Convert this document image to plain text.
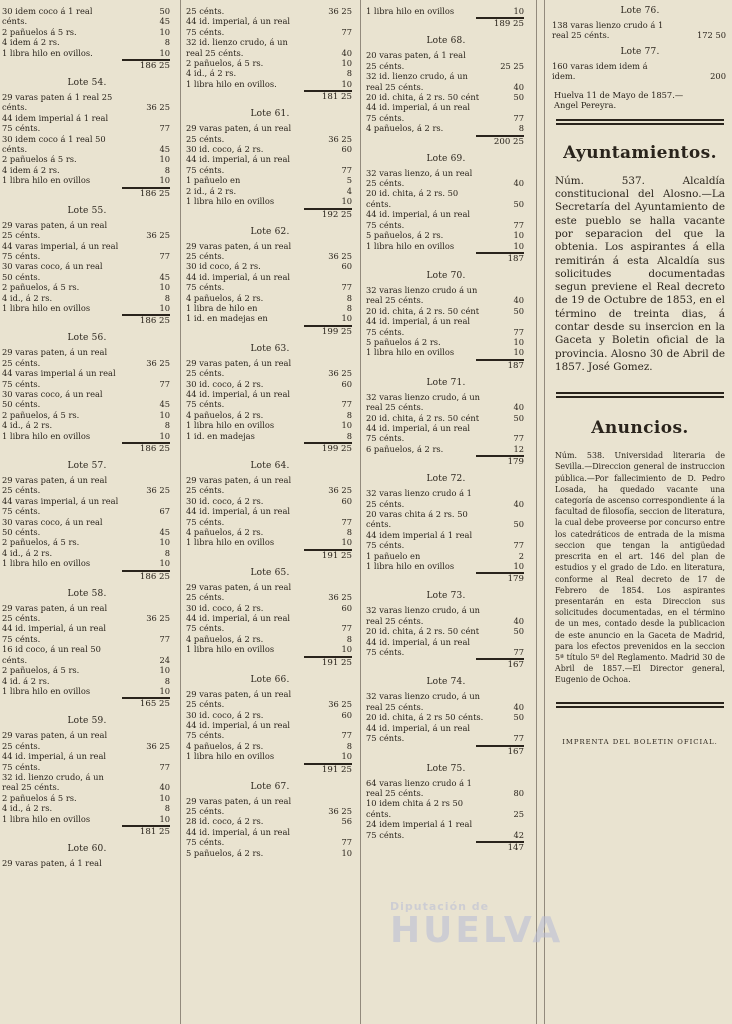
30 idem coco á 1 real	50
cénts.	45
2 pañuelos á 5 rs.	10
4 idem á 2 rs.	8
1 libra hilo en ovillos.	10
186 25
Lote 54.
29 varas paten á 1 real 25
cénts.	36 25
44 idem imperial á 1 real
75 cénts.	77
30 idem coco á 1 real 50
cénts.	45
2 pañuelos á 5 rs.	10
4 idem á 2 rs.	8
1 libra hilo en ovillos	10
186 25
Lote 55.
29 varas paten, á un real
25 cénts.	36 25
44 varas imperial, á un real
75 cénts.	77
30 varas coco, á un real
50 cénts.	45
2 pañuelos, á 5 rs.	10
4 id., á 2 rs.	8
1 libra hilo en ovillos	10
186 25
Lote 56.
29 varas paten, á un real
25 cénts.	36 25
44 varas imperial á un real
75 cénts.	77
30 varas coco, á un real
50 cénts.	45
2 pañuelos, á 5 rs.	10
4 id., á 2 rs.	8
1 libra hilo en ovillos	10
186 25
Lote 57.
29 varas paten, á un real
25 cénts.	36 25
44 varas imperial, á un real
75 cénts.	67
30 varas coco, á un real
50 cénts.	45
2 pañuelos, á 5 rs.	10
4 id., á 2 rs.	8
1 libra hilo en ovillos	10
186 25
Lote 58.
29 varas paten, á un real
25 cénts.	36 25
44 id. imperial, á un real
75 cénts.	77
16 id coco, á un real 50
cénts.	24
2 pañuelos, á 5 rs.	10
4 id. á 2 rs.	8
1 libra hilo en ovillos	10
165 25
Lote 59.
29 varas paten, á un real
25 cénts.	36 25
44 id. imperial, á un real
75 cénts.	77
32 id. lienzo crudo, á un
real 25 cénts.	40
2 pañuelos á 5 rs.	10
4 id., á 2 rs.	8
1 libra hilo en ovillos	10
181 25
Lote 60.
29 varas paten, á 1 real
25 cénts.	36 25
44 id. imperial, á un real
75 cénts.	77
32 id. lienzo crudo, á un
real 25 cénts.	40
2 pañuelos, á 5 rs.	10
4 id., á 2 rs.	8
1 libra hilo en ovillos.	10
181 25
Lote 61.
29 varas paten, á un real
25 cénts.	36 25
30 id. coco, á 2 rs.	60
44 id. imperial, á un real
75 cénts.	77
1 pañuelo en	5
2 id., á 2 rs.	4
1 libra hilo en ovillos	10
192 25
Lote 62.
29 varas paten, á un real
25 cénts.	36 25
30 id coco, á 2 rs.	60
44 id. imperial, á un real
75 cénts.	77
4 pañuelos, á 2 rs.	8
1 libra de hilo en	8
1 id. en madejas en	10
199 25
Lote 63.
29 varas paten, á un real
25 cénts.	36 25
30 id. coco, á 2 rs.	60
44 id. imperial, á un real
75 cénts.	77
4 pañuelos, á 2 rs.	8
1 libra hilo en ovillos	10
1 id. en madejas	8
199 25
Lote 64.
29 varas paten, á un real
25 cénts.	36 25
30 id. coco, á 2 rs.	60
44 id. imperial, á un real
75 cénts.	77
4 pañuelos, á 2 rs.	8
1 libra hilo en ovillos	10
191 25
Lote 65.
29 varas paten, á un real
25 cénts.	36 25
30 id. coco, á 2 rs.	60
44 id. imperial, á un real
75 cénts.	77
4 pañuelos, á 2 rs.	8
1 libra hilo en ovillos	10
191 25
Lote 66.
29 varas paten, á un real
25 cénts.	36 25
30 id. coco, á 2 rs.	60
44 id. imperial, á un real
75 cénts.	77
4 pañuelos, á 2 rs.	8
1 libra hilo en ovillos	10
191 25
Lote 67.
29 varas paten, á un real
25 cénts.	36 25
28 id. coco, á 2 rs.	56
44 id. imperial, á un real
75 cénts.	77
5 pañuelos, á 2 rs.	10
1 libra hilo en ovillos	10
189 25
Lote 68.
20 varas paten, á 1 real
25 cénts.	25 25
32 id. lienzo crudo, á un
real 25 cénts.	40
20 id. chita, á 2 rs. 50 cént	50
44 id. imperial, á un real
75 cénts.	77
4 pañuelos, á 2 rs.	8
200 25
Lote 69.
32 varas lienzo, á un real
25 cénts.	40
20 id. chita, á 2 rs. 50
cénts.	50
44 id. imperial, á un real
75 cénts.	77
5 pañuelos, á 2 rs.	10
1 libra hilo en ovillos	10
187
Lote 70.
32 varas lienzo crudo á un
real 25 cénts.	40
20 id. chita, á 2 rs. 50 cént	50
44 id. imperial, á un real
75 cénts.	77
5 pañuelos á 2 rs.	10
1 libra hilo en ovillos	10
187
Lote 71.
32 varas lienzo crudo, á un
real 25 cénts.	40
20 id. chita, á 2 rs. 50 cént	50
44 id. imperial, á un real
75 cénts.	77
6 pañuelos, á 2 rs.	12
179
Lote 72.
32 varas lienzo crudo á 1
25 cénts.	40
20 varas chita á 2 rs. 50
cénts.	50
44 idem imperial á 1 real
75 cénts.	77
1 pañuelo en	2
1 libra hilo en ovillos	10
179
Lote 73.
32 varas lienzo crudo, á un
real 25 cénts.	40
20 id. chita, á 2 rs. 50 cént	50
44 id. imperial, á un real
75 cénts.	77
167
Lote 74.
32 varas lienzo crudo, á un
real 25 cénts.	40
20 id. chita, á 2 rs 50 cénts.	50
44 id. imperial, á un real
75 cénts.	77
167
Lote 75.
64 varas lienzo crudo á 1
real 25 cénts.	80
10 idem chita á 2 rs 50
cénts.	25
24 idem imperial á 1 real
75 cénts.	42
147
Lote 76.
138 varas lienzo crudo á 1
real 25 cénts.	172 50
Lote 77.
160 varas idem idem á
idem.	200
Huelva 11 de Mayo de 1857.—
Angel Pereyra.
Ayuntamientos.
Núm. 537. Alcaldía constitucional del Alosno.—La Secretaría del Ayuntamiento de este pueblo se halla vacante por separacion del que la obtenia. Los aspirantes á ella remitirán á esta Alcaldía sus solicitudes documentadas segun previene el Real decreto de 19 de Octubre de 1853, en el término de treinta dias, á contar desde su insercion en la Gaceta y Boletin oficial de la provincia. Alosno 30 de Abril de 1857. José Gomez.
Anuncios.
Núm. 538. Universidad literaria de Sevilla.—Direccion general de instruccion pública.—Por fallecimiento de D. Pedro Losada, ha quedado vacante una categoría de ascenso correspondiente á la facultad de filosofía, seccion de literatura, la cual debe proveerse por concurso entre los catedráticos de entrada de la misma seccion que tengan la antigüedad prescrita en el art. 146 del plan de estudios y el grado de Ldo. en literatura, conforme al Real decreto de 17 de Febrero de 1854. Los aspirantes presentarán en esta Direccion sus solicitudes documentadas, en el término de un mes, contado desde la publicacion de este anuncio en la Gaceta de Madrid, para los efectos prevenidos en la seccion 5ª título 5º del Reglamento. Madrid 30 de Abril de 1857.—El Director general, Eugenio de Ochoa.
IMPRENTA DEL BOLETIN OFICIAL.
Diputación de
HUELVA
